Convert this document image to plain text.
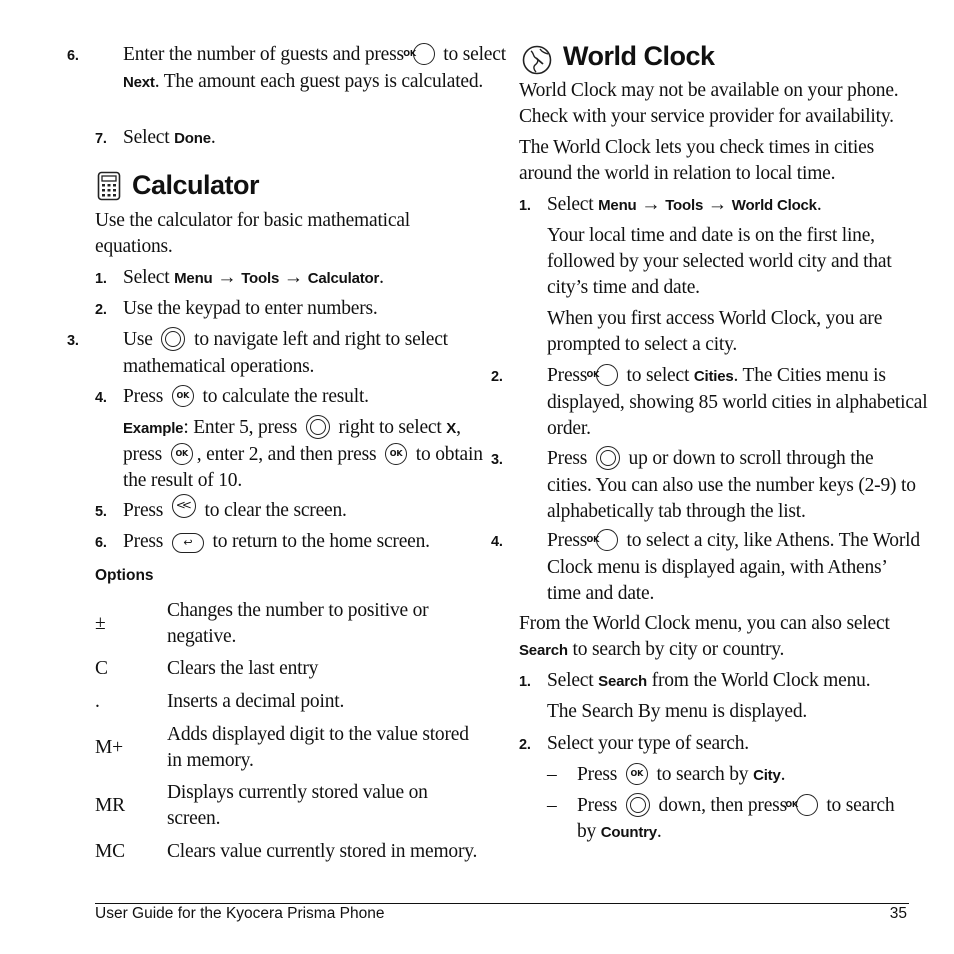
6. Enter the number of guests and press OK to select Next. The amount each guest pays is calculated.
7. Select Done.
Calculator
Use the calculator for basic mathematical equations.
1. Select Menu → Tools → Calculator.
2. Use the keypad to enter numbers.
3. Use to navigate left and right to select mathematical operations.
4. Press OK to calculate the result.
Example: Enter 5, press right to select X, press OK , enter 2, and then press OK to obtain the result of 10.
5. Press << to clear the screen.
6. Press ↩ to return to the home screen.
Options
±	Changes the number to positive or negative.
C	Clears the last entry
.	Inserts a decimal point.
M+	Adds displayed digit to the value stored in memory.
MR	Displays currently stored value on screen.
MC	Clears value currently stored in memory.
World Clock
World Clock may not be available on your phone. Check with your service provider for availability.
The World Clock lets you check times in cities around the world in relation to local time.
1. Select Menu → Tools → World Clock.
Your local time and date is on the first line, followed by your selected world city and that city’s time and date.
When you first access World Clock, you are prompted to select a city.
2. Press OK to select Cities. The Cities menu is displayed, showing 85 world cities in alphabetical order.
3. Press up or down to scroll through the cities. You can also use the number keys (2-9) to alphabetically tab through the list.
4. Press OK to select a city, like Athens. The World Clock menu is displayed again, with Athens’ time and date.
From the World Clock menu, you can also select Search to search by city or country.
1. Select Search from the World Clock menu.
The Search By menu is displayed.
2. Select your type of search.
– Press OK to search by City.
– Press down, then press OK to search by Country.
User Guide for the Kyocera Prisma Phone	35
